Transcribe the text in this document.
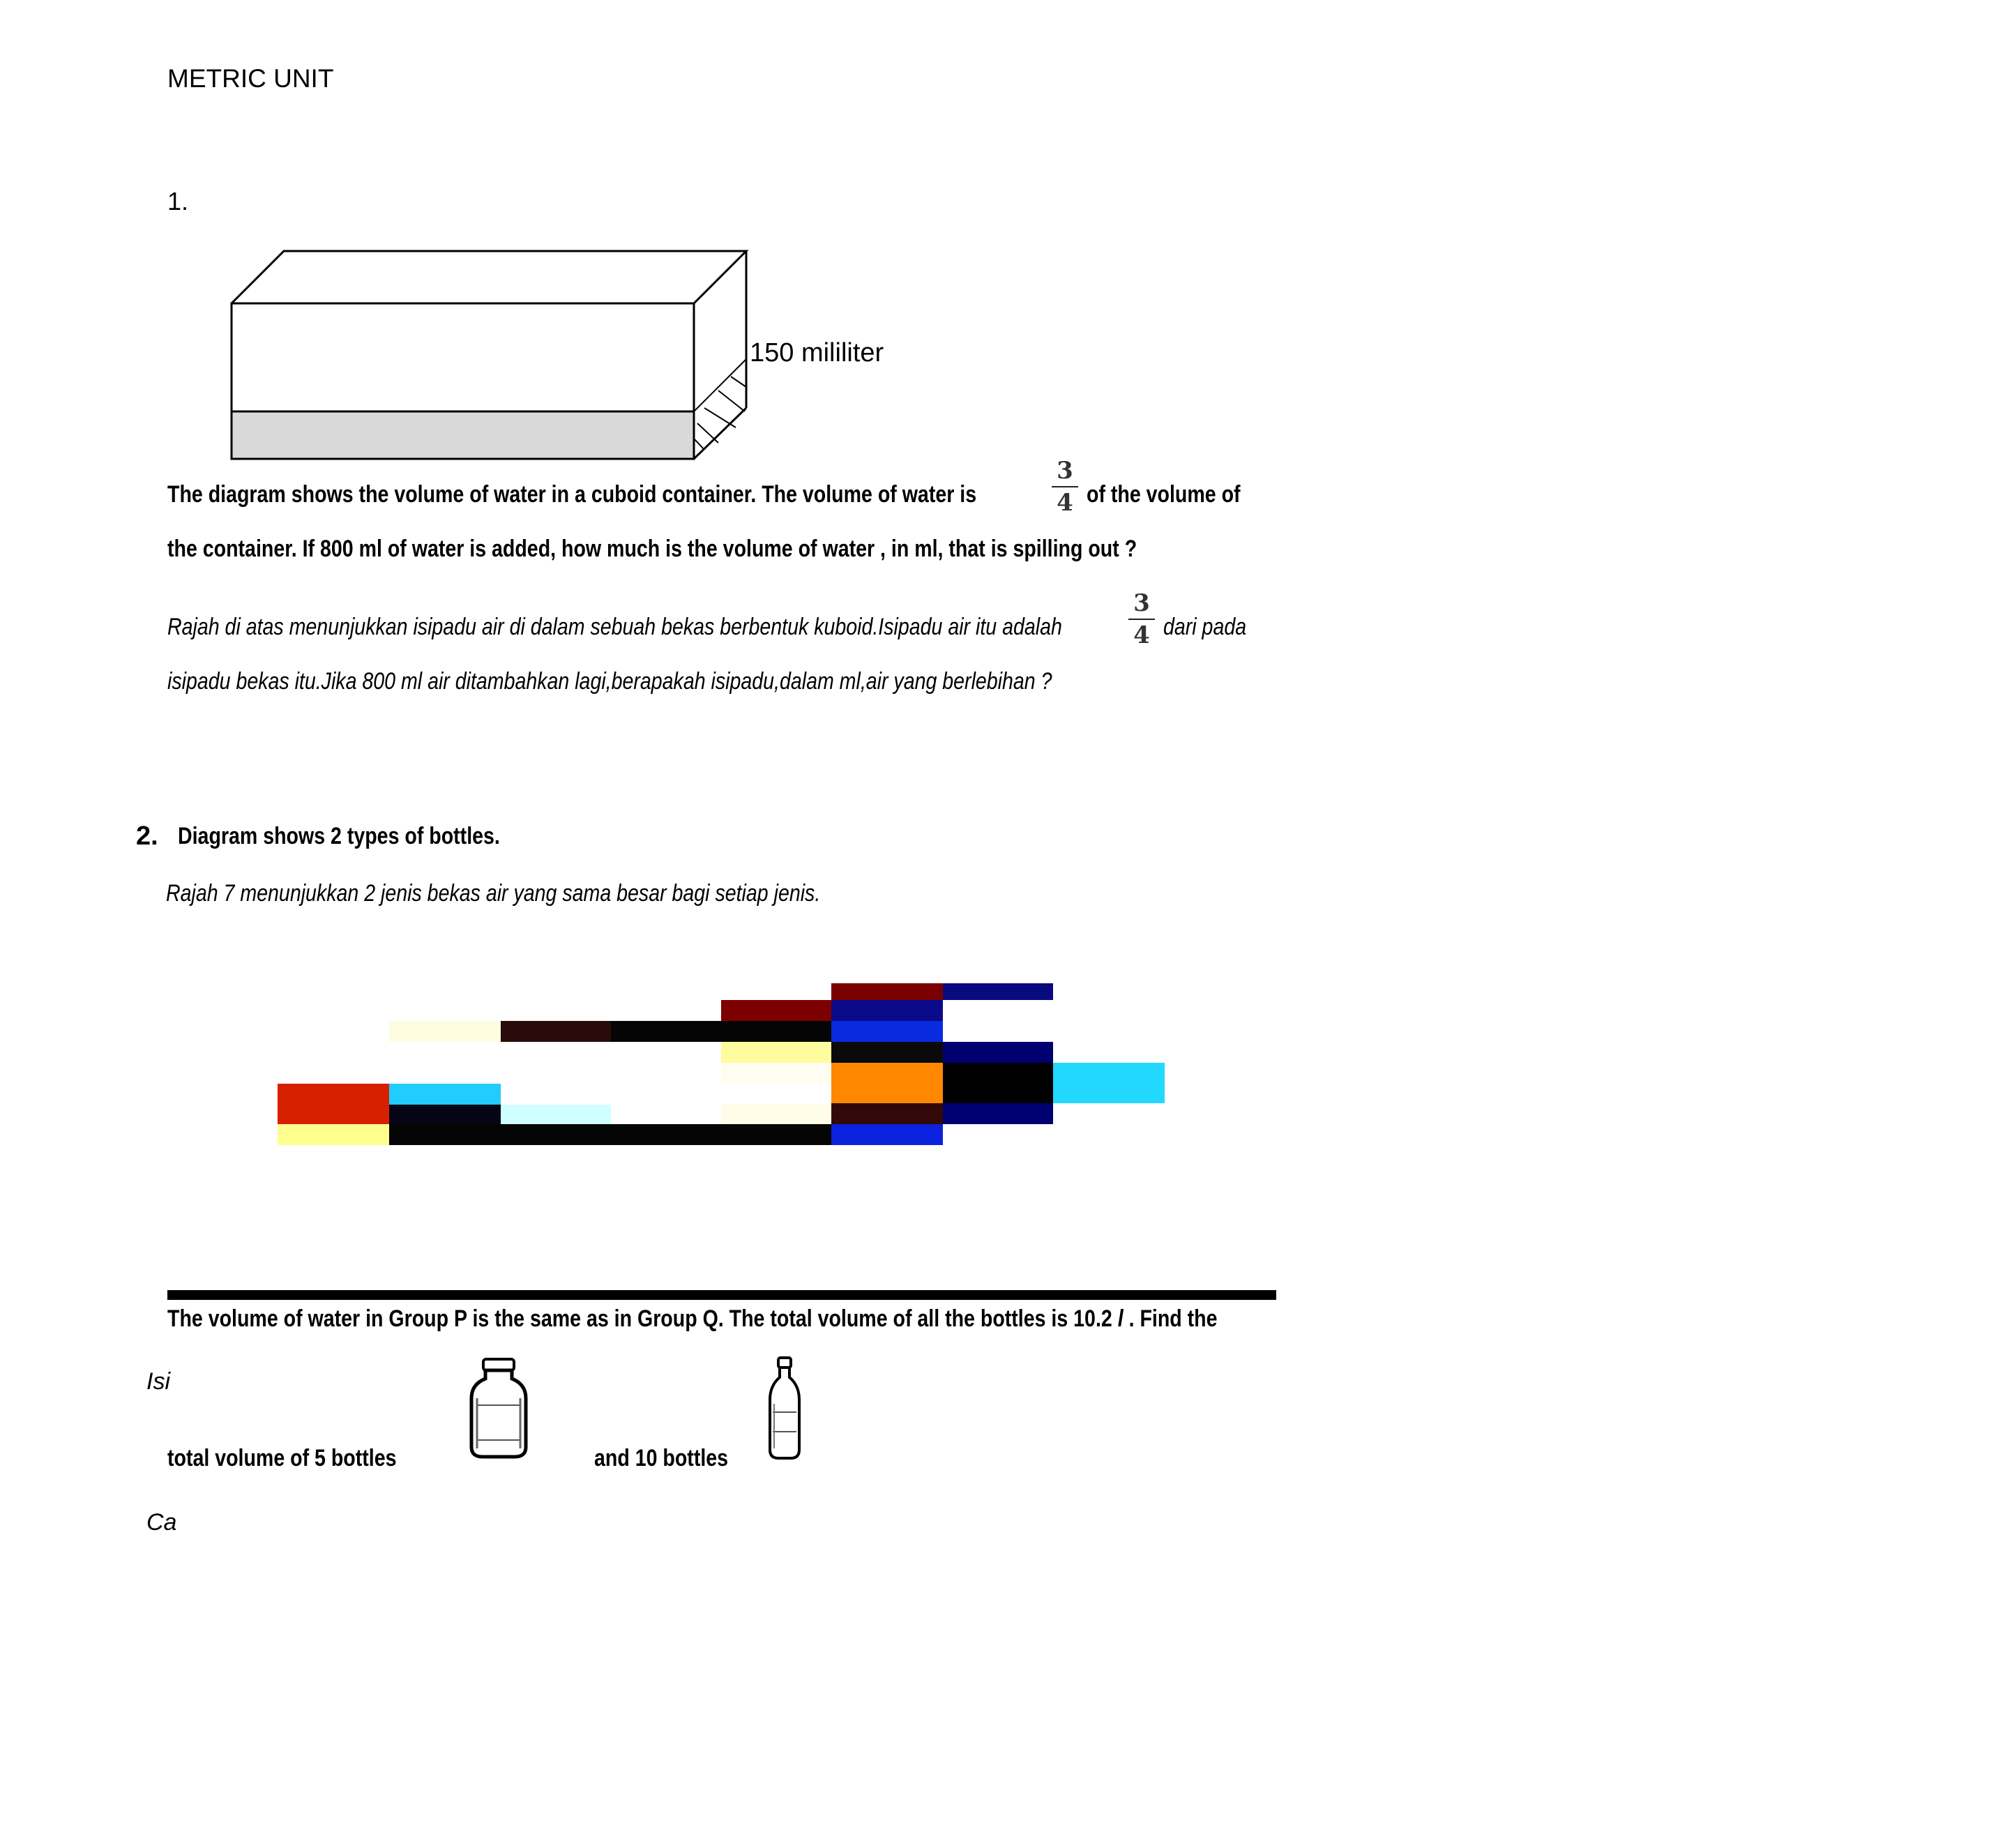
METRIC UNIT
1.
150 mililiter
The diagram shows the volume of water in a cuboid container. The volume of water is
3
4 of the volume of
the container. If 800 ml of water is added, how much is the volume of water , in ml, that is spilling out ?
Rajah di atas menunjukkan isipadu air di dalam sebuah bekas berbentuk kuboid.Isipadu air itu adalah
3
4 dari pada
isipadu bekas itu.Jika 800 ml air ditambahkan lagi,berapakah isipadu,dalam ml,air yang berlebihan ?
2. Diagram shows 2 types of bottles.
Rajah 7 menunjukkan 2 jenis bekas air yang sama besar bagi setiap jenis.
The volume of water in Group P is the same as in Group Q. The total volume of all the bottles is 10.2 l . Find the
Isi
total volume of 5 bottles	and 10 bottles
Ca
